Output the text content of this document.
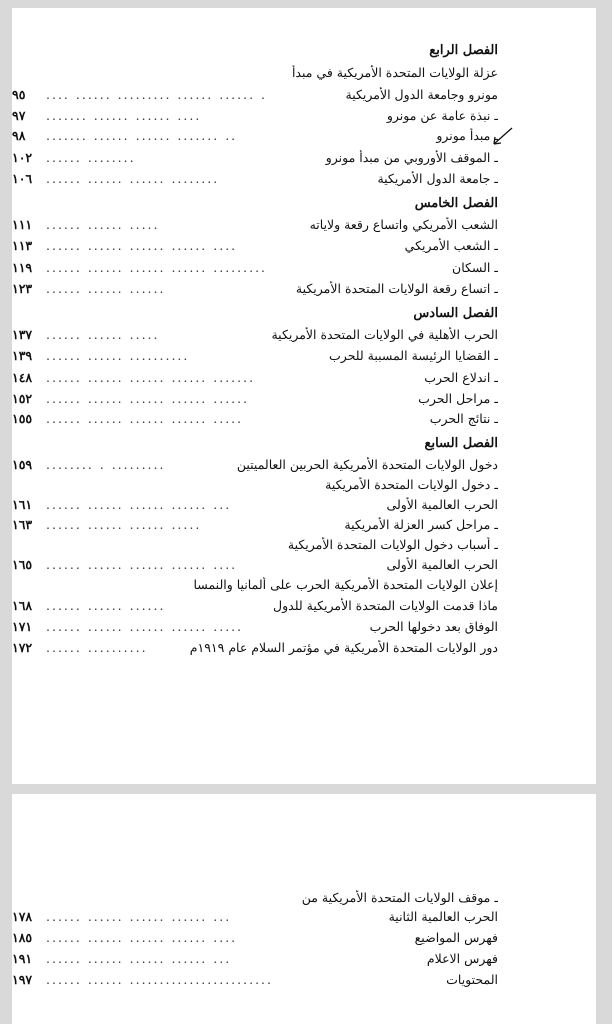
الفصل الرابع
عزلة الولايات المتحدة الأمريكية في مبدأ
مونرو وجامعة الدول الأمريكية
. ...... ...... ......... ...... ....
٩٥
ـ نبذة عامة عن مونرو
.... ...... ...... .......
٩٧
ـ مبدأ مونرو
.. ....... ...... ...... .......
٩٨
ـ الموقف الأوروبي من مبدأ مونرو
........ ......
١٠٢
ـ جامعة الدول الأمريكية
........ ...... ...... ......
١٠٦
الفصل الخامس
الشعب الأمريكي واتساع رقعة ولاياته
..... ...... ......
١١١
ـ الشعب الأمريكي
.... ...... ...... ...... ......
١١٣
ـ السكان
......... ...... ...... ...... ......
١١٩
ـ اتساع رقعة الولايات المتحدة الأمريكية
...... ...... ......
١٢٣
الفصل السادس
الحرب الأهلية في الولايات المتحدة الأمريكية
..... ...... ......
١٣٧
ـ القضايا الرئيسة المسببة للحرب
.......... ...... ......
١٣٩
ـ اندلاع الحرب
....... ...... ...... ...... ......
١٤٨
ـ مراحل الحرب
...... ...... ...... ...... ......
١٥٢
ـ نتائج الحرب
..... ...... ...... ...... ......
١٥٥
الفصل السابع
دخول الولايات المتحدة الأمريكية الحربين العالميتين
......... . ........
١٥٩
ـ دخول الولايات المتحدة الأمريكية
الحرب العالمية الأولى
... ...... ...... ...... ......
١٦١
ـ مراحل كسر العزلة الأمريكية
..... ...... ...... ......
١٦٣
ـ أسباب دخول الولايات المتحدة الأمريكية
الحرب العالمية الأولى
.... ...... ...... ...... ......
١٦٥
إعلان الولايات المتحدة الأمريكية الحرب على ألمانيا والنمسا
ماذا قدمت الولايات المتحدة الأمريكية للدول
...... ...... ......
١٦٨
الوفاق بعد دخولها الحرب
..... ...... ...... ...... ......
١٧١
دور الولايات المتحدة الأمريكية في مؤتمر السلام عام ١٩١٩م
.......... ......
١٧٢
ـ موقف الولايات المتحدة الأمريكية من
الحرب العالمية الثانية
... ...... ...... ...... ......
١٧٨
فهرس المواضيع
.... ...... ...... ...... ......
١٨٥
فهرس الاعلام
... ...... ...... ...... ......
١٩١
المحتويات
........................ ...... ......
١٩٧
